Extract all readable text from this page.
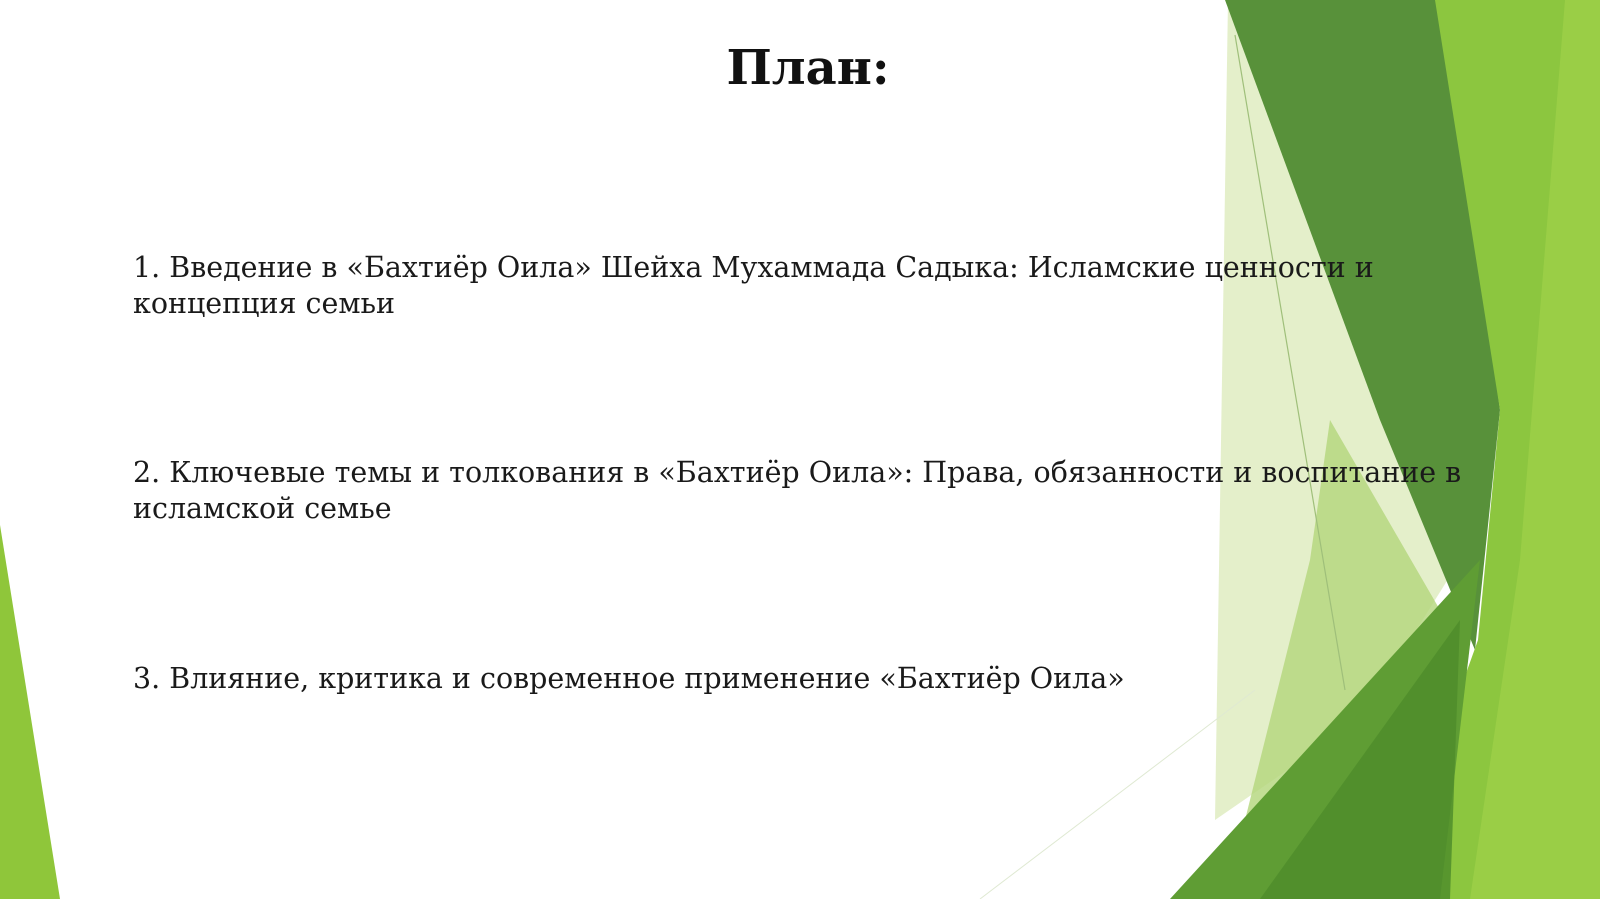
План:
1. Введение в «Бахтиёр Оила» Шейха Мухаммада Садыка: Исламские ценности и концепция семьи
2. Ключевые темы и толкования в «Бахтиёр Оила»: Права, обязанности и воспитание в исламской семье
3. Влияние, критика и современное применение «Бахтиёр Оила»
